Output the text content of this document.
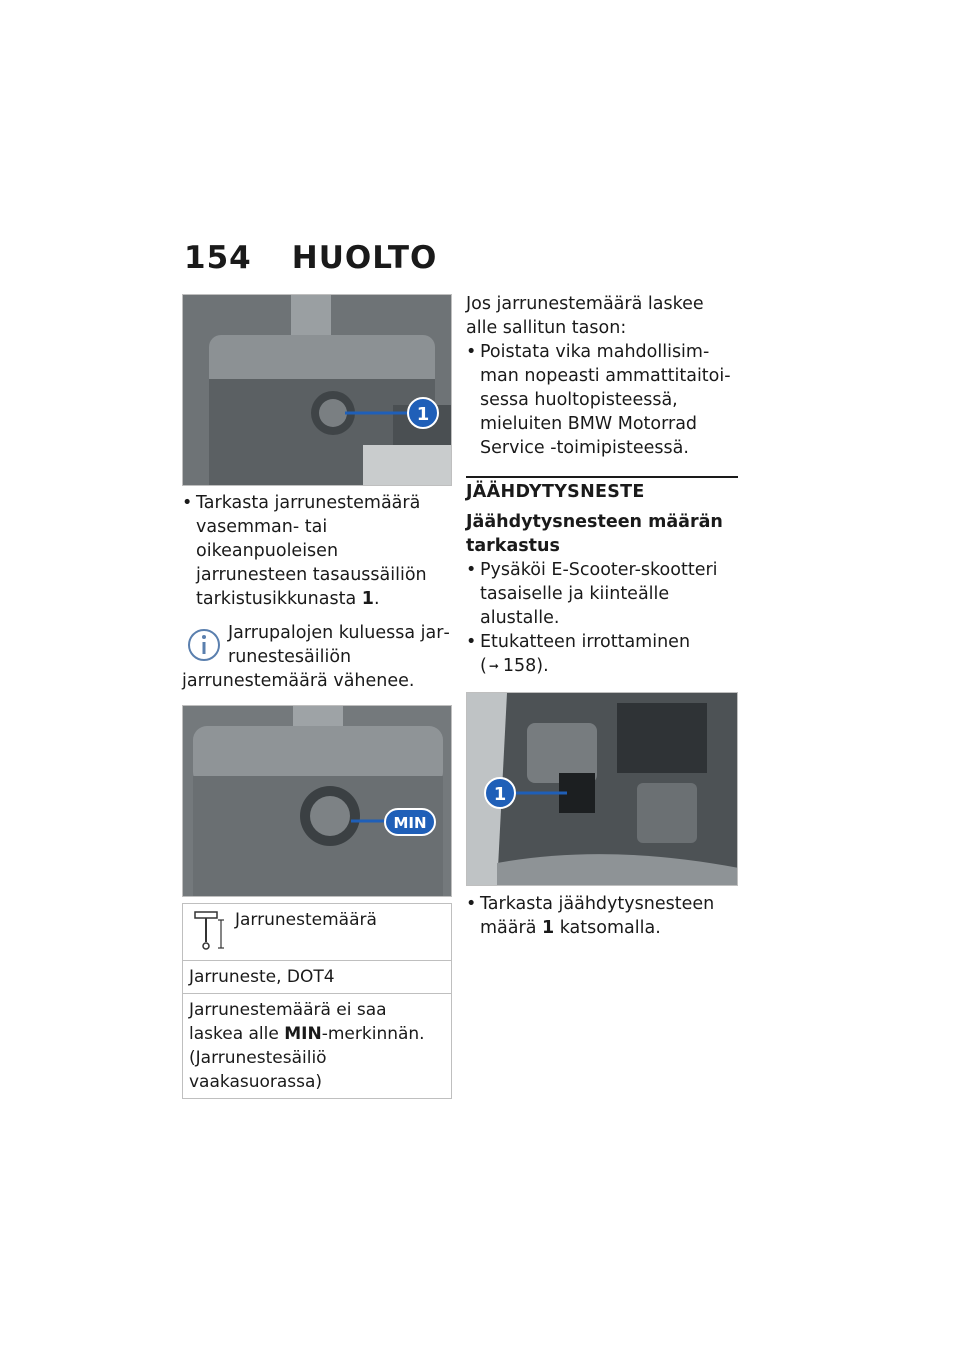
154 HUOLTO
1

• Tarkasta jarrunestemäärä vasemman- tai oikeanpuoleisen jarrunesteen tasaussäiliön tarkistusikkunasta 1.

Jarrupalojen kuluessa jarrunestesäiliön jarrunestemäärä vähenee.
MIN
Jarrunestemäärä
Jarruneste, DOT4
Jarrunestemäärä ei saa laskea alle MIN-merkinnän.
(Jarrunestesäiliö vaakasuorassa)

Jos jarrunestemäärä laskee alle sallitun tason:

• Poistata vika mahdollisimman nopeasti ammattitaitoisessa huoltopisteessä, mieluiten BMW Motorrad Service -toimipisteessä.

JÄÄHDYTYSNESTE
Jäähdytysnesteen määrän tarkastus

• Pysäköi E-Scooter-skootteri tasaiselle ja kiinteälle alustalle.

• Etukatteen irrottaminen
( ➞ 158).

1

• Tarkasta jäähdytysnesteen määrä 1 katsomalla.
